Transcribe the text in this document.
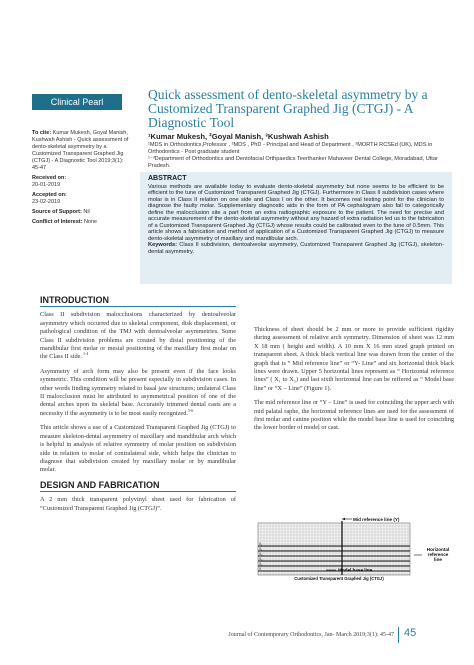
Clinical Pearl	Quick assessment of dento-skeletal asymmetry by a Customized Transparent Graphed Jig (CTGJ) - A Diagnostic Tool
¹Kumar Mukesh, ²Goyal Manish, ³Kushwah Ashish
¹MDS in Orthodontics,Professor , ²MDS , PhD - Principal and Head of Department , ²MORTH RCSEd (UK), MDS in Orthodontics - Post graduate student
¹⁻³Department of Orthodontics and Dentofacial Orthpaedics Teerthanker Mahaveer Dental College, Moradabad, Uttar Pradesh.
To cite: Kumar Mukesh, Goyal Manish, Kushwah Ashish - Quick assessment of dento-skeletal asymmetry by a Customized Transparent Graphed Jig (CTGJ) - A Diagnostic Tool 2019;3(1): 45-47
Received on:
20-01-2019
Accepted on:
23-02-2019
Source of Support: Nil
Conflict of Interest: None
ABSTRACT
Various methods are available today to evaluate dento-skeletal asymmetry but none seems to be efficient to be efficient to the tune of Customized Transparent Graphed Jig (CTGJ). Furthermore in Class II subdivision cases where molar is in Class II relation on one side and Class I on the other. It becomes real testing point for the clinician to diagnose the faulty molar. Supplementary diagnostic aids in the form of PA cephalogram also fail to categorically define the malocclusion site a part from an extra radiographic exposure to the patient. The need for precise and accurate measurement of the dento-skeletal asymmetry without any hazard of extra radiation led us to the fabrication of a Customized Transparent Graphed Jig (CTGJ) whose results could be calibrated even to the tune of 0.5mm. This article shows a fabrication and method of application of a Customized Transparent Graphed Jig (CTGJ) to measure dento-skeletal asymmetry of maxillary and mandibular arch.
Keywords: Class II subdivision, dentoalveolar asymmetry, Customized Transparent Graphed Jig (CTGJ), skeleton-dental asymmetry.
INTRODUCTION
Class II subdivision malocclusions characterized by dentoalveolar asymmetry which occurred due to skeletal component, disk displacement, or pathological condition of the TMJ with dentoalveolar asymmetries. Some Class II subdivision problems are created by distal positioning of the mandibular first molar or mesial positioning of the maxillary first molar on the Class II side. $^{1-4}$
Asymmetry of arch form may also be present even if the face looks symmetric. This condition will be present especially in subdivision cases. In other words finding symmetry related to basal jaw structures; unilateral Class II malocclusion must be attributed to asymmetrical position of one of the dental arches upon its skeletal base. Accurately trimmed dental casts are a necessity if the asymmetry is to be most easily recognized.$^{5-6}$
This article shows a use of a Customized Transparent Graphed Jig (CTGJ) to measure skeleton-dental asymmetry of maxillary and mandibular arch which is helpful in analysis of relative symmetry of molar position on subdivision side in relation to molar of contralateral side, which helps the clinician to diagnose that subdivision created by maxillary molar or by mandibular molar.
DESIGN AND FABRICATION
A 2 mm thick transparent polyvinyl sheet used for fabrication of “Customized Transparent Graphed Jig (CTGJ)”.
Thickness of sheet should be 2 mm or more to provide sufficient rigidity during assessment of relative arch symmetry. Dimension of sheet was 12 mm X 18 mm ( height and width). A 10 mm X 16 mm sized graph printed on transparent sheet. A thick black vertical line was drawn from the center of the graph that is “ Mid reference line” or “Y- Line” and six horizontal thick black lines were drawn. Upper 5 horizontal lines represent as “ Horizontal reference lines” ( X₁ to X₅) and last sixth horizontal line can be reffered as “ Model base line” or “X – Line” (Figure 1).
The mid reference line or “Y – Line” is used for coinciding the upper arch with mid palatal raphe, the horizontal reference lines are used for the assessment of first molar and canine position while the model base line is used for coinciding the lower border of model or cast.
Mid reference line (Y)
X₁
X₂
X₃
X₄
X₅
X
Horizontal
reference
line
Model base line
Customized Transparent Graphed Jig (CTGJ)
Journal of Contemporary Orthodontics, Jan- March 2019;3(1): 45-47 45
